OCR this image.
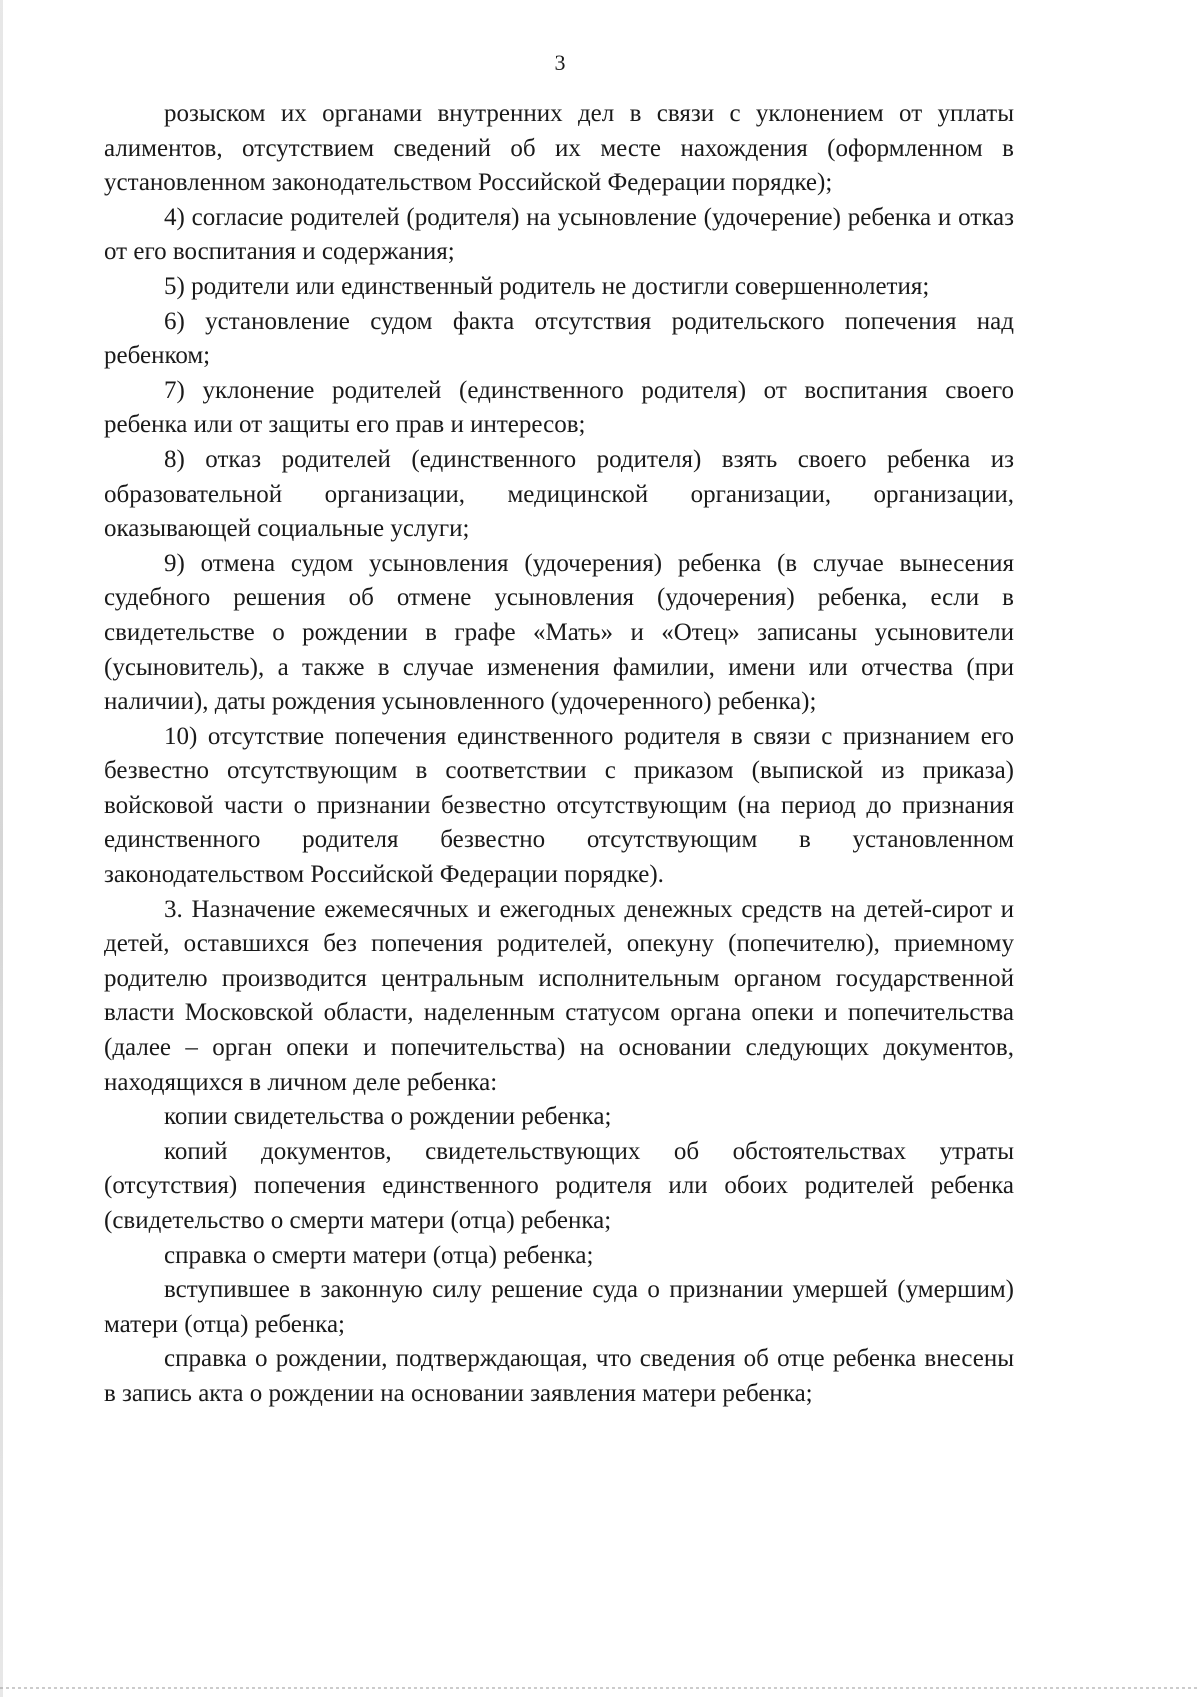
3

розыском их органами внутренних дел в связи с уклонением от уплаты алиментов, отсутствием сведений об их месте нахождения (оформленном в установленном законодательством Российской Федерации порядке);

4) согласие родителей (родителя) на усыновление (удочерение) ребенка и отказ от его воспитания и содержания;

5) родители или единственный родитель не достигли совершеннолетия;

6) установление судом факта отсутствия родительского попечения над ребенком;

7) уклонение родителей (единственного родителя) от воспитания своего ребенка или от защиты его прав и интересов;

8) отказ родителей (единственного родителя) взять своего ребенка из образовательной организации, медицинской организации, организации, оказывающей социальные услуги;

9) отмена судом усыновления (удочерения) ребенка (в случае вынесения судебного решения об отмене усыновления (удочерения) ребенка, если в свидетельстве о рождении в графе «Мать» и «Отец» записаны усыновители (усыновитель), а также в случае изменения фамилии, имени или отчества (при наличии), даты рождения усыновленного (удочеренного) ребенка);

10) отсутствие попечения единственного родителя в связи с признанием его безвестно отсутствующим в соответствии с приказом (выпиской из приказа) войсковой части о признании безвестно отсутствующим (на период до признания единственного родителя безвестно отсутствующим в установленном законодательством Российской Федерации порядке).

3. Назначение ежемесячных и ежегодных денежных средств на детей-сирот и детей, оставшихся без попечения родителей, опекуну (попечителю), приемному родителю производится центральным исполнительным органом государственной власти Московской области, наделенным статусом органа опеки и попечительства (далее – орган опеки и попечительства) на основании следующих документов, находящихся в личном деле ребенка:

копии свидетельства о рождении ребенка;

копий документов, свидетельствующих об обстоятельствах утраты (отсутствия) попечения единственного родителя или обоих родителей ребенка (свидетельство о смерти матери (отца) ребенка;

справка о смерти матери (отца) ребенка;

вступившее в законную силу решение суда о признании умершей (умершим) матери (отца) ребенка;

справка о рождении, подтверждающая, что сведения об отце ребенка внесены в запись акта о рождении на основании заявления матери ребенка;
